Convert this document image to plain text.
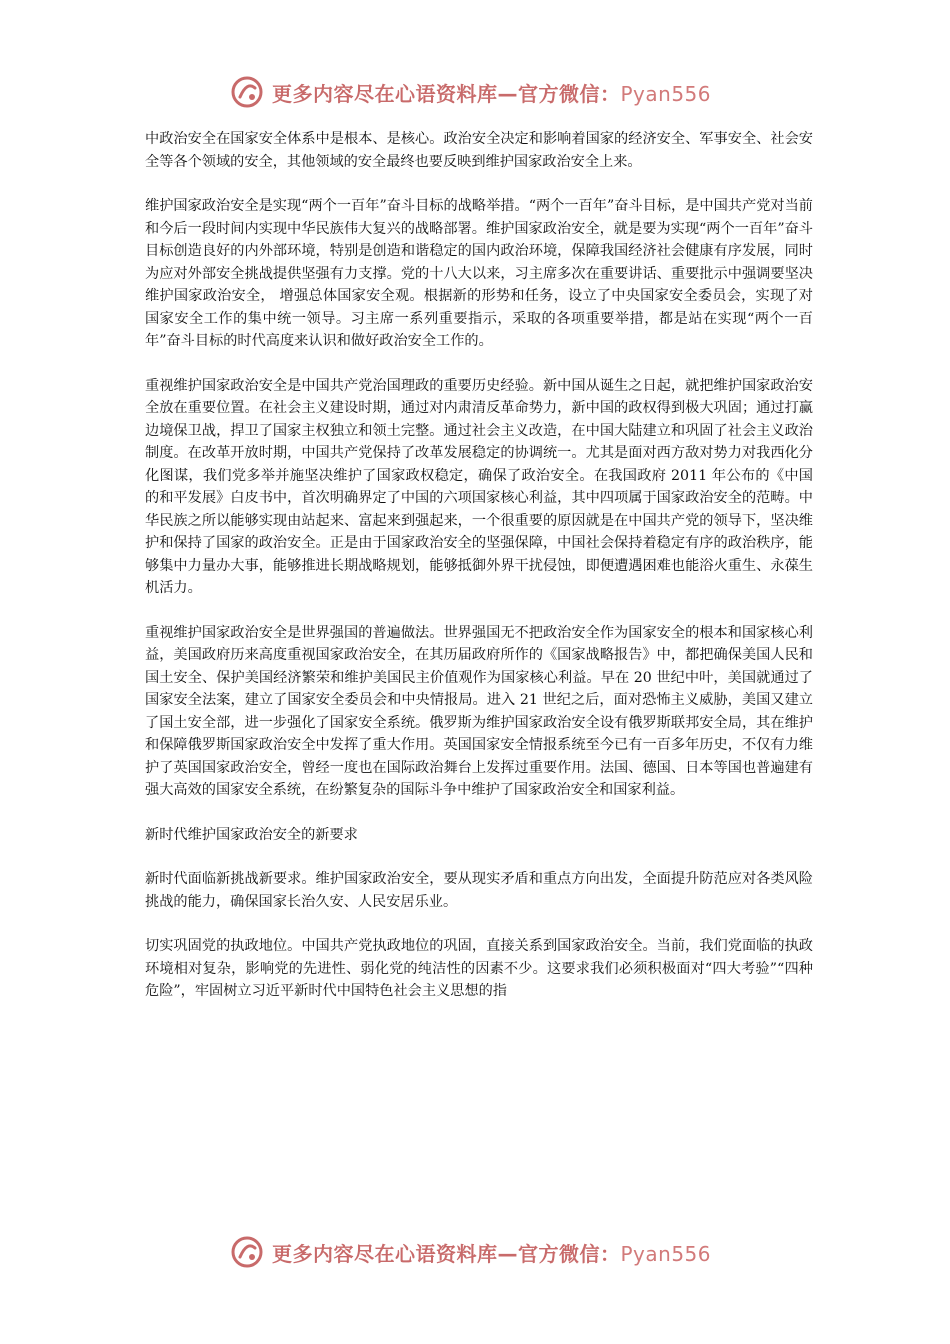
更多内容尽在心语资料库—官方微信：Pyan556

中政治安全在国家安全体系中是根本、是核心。政治安全决定和影响着国家的经济安全、军事安全、社会安全等各个领域的安全，其他领域的安全最终也要反映到维护国家政治安全上来。

维护国家政治安全是实现“两个一百年”奋斗目标的战略举措。“两个一百年”奋斗目标，是中国共产党对当前和今后一段时间内实现中华民族伟大复兴的战略部署。维护国家政治安全，就是要为实现“两个一百年”奋斗目标创造良好的内外部环境，特别是创造和谐稳定的国内政治环境，保障我国经济社会健康有序发展，同时为应对外部安全挑战提供坚强有力支撑。党的十八大以来，习主席多次在重要讲话、重要批示中强调要坚决维护国家政治安全， 增强总体国家安全观。根据新的形势和任务，设立了中央国家安全委员会，实现了对国家安全工作的集中统一领导。习主席一系列重要指示，采取的各项重要举措，都是站在实现“两个一百年”奋斗目标的时代高度来认识和做好政治安全工作的。

重视维护国家政治安全是中国共产党治国理政的重要历史经验。新中国从诞生之日起，就把维护国家政治安全放在重要位置。在社会主义建设时期，通过对内肃清反革命势力，新中国的政权得到极大巩固；通过打赢边境保卫战，捍卫了国家主权独立和领土完整。通过社会主义改造，在中国大陆建立和巩固了社会主义政治制度。在改革开放时期，中国共产党保持了改革发展稳定的协调统一。尤其是面对西方敌对势力对我西化分化图谋，我们党多举并施坚决维护了国家政权稳定，确保了政治安全。在我国政府 2011 年公布的《中国的和平发展》白皮书中，首次明确界定了中国的六项国家核心利益，其中四项属于国家政治安全的范畴。中华民族之所以能够实现由站起来、富起来到强起来，一个很重要的原因就是在中国共产党的领导下，坚决维护和保持了国家的政治安全。正是由于国家政治安全的坚强保障，中国社会保持着稳定有序的政治秩序，能够集中力量办大事，能够推进长期战略规划，能够抵御外界干扰侵蚀，即便遭遇困难也能浴火重生、永葆生机活力。

重视维护国家政治安全是世界强国的普遍做法。世界强国无不把政治安全作为国家安全的根本和国家核心利益，美国政府历来高度重视国家政治安全，在其历届政府所作的《国家战略报告》中，都把确保美国人民和国土安全、保护美国经济繁荣和维护美国民主价值观作为国家核心利益。早在 20 世纪中叶，美国就通过了国家安全法案，建立了国家安全委员会和中央情报局。进入 21 世纪之后，面对恐怖主义威胁，美国又建立了国土安全部，进一步强化了国家安全系统。俄罗斯为维护国家政治安全设有俄罗斯联邦安全局，其在维护和保障俄罗斯国家政治安全中发挥了重大作用。英国国家安全情报系统至今已有一百多年历史，不仅有力维护了英国国家政治安全，曾经一度也在国际政治舞台上发挥过重要作用。法国、德国、日本等国也普遍建有强大高效的国家安全系统，在纷繁复杂的国际斗争中维护了国家政治安全和国家利益。

新时代维护国家政治安全的新要求

新时代面临新挑战新要求。维护国家政治安全，要从现实矛盾和重点方向出发，全面提升防范应对各类风险挑战的能力，确保国家长治久安、人民安居乐业。

切实巩固党的执政地位。中国共产党执政地位的巩固，直接关系到国家政治安全。当前，我们党面临的执政环境相对复杂，影响党的先进性、弱化党的纯洁性的因素不少。这要求我们必须积极面对“四大考验”“四种危险”，牢固树立习近平新时代中国特色社会主义思想的指

更多内容尽在心语资料库—官方微信：Pyan556
